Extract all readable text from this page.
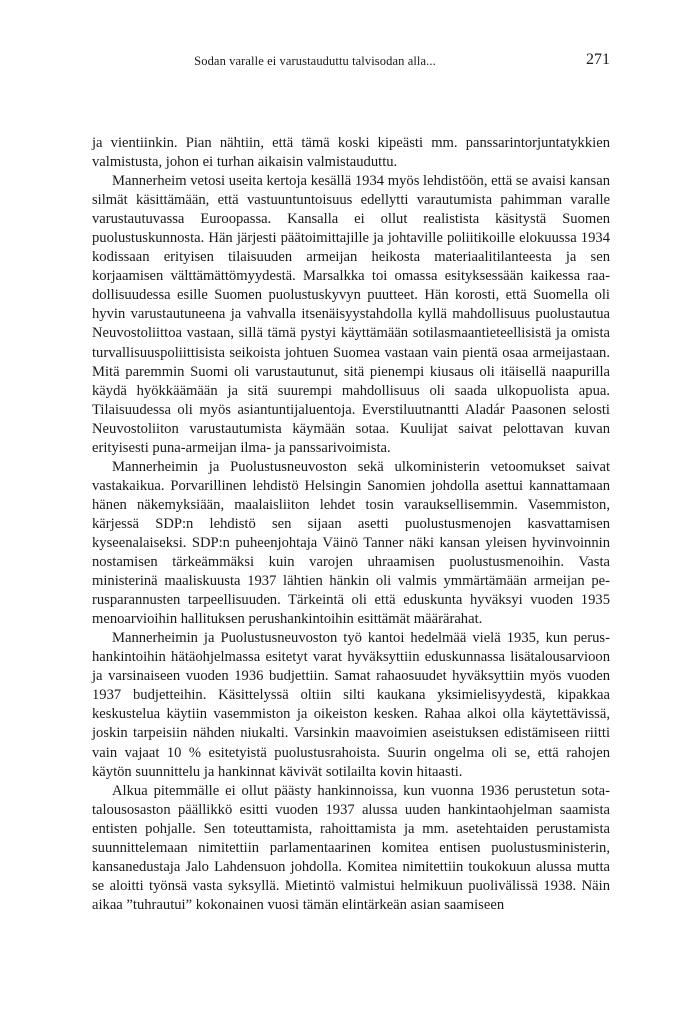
Sodan varalle ei varustauduttu talvisodan alla...	271

ja vientiinkin. Pian nähtiin, että tämä koski kipeästi mm. panssarintorjuntatykkien valmistusta, johon ei turhan aikaisin valmistauduttu.

Mannerheim vetosi useita kertoja kesällä 1934 myös lehdistöön, että se avaisi kansan silmät käsittämään, että vastuuntuntoisuus edellytti varautumista pahimman varalle varustautuvassa Euroopassa. Kansalla ei ollut realistista käsitystä Suomen puolustuskunnosta. Hän järjesti päätoimittajille ja johtaville poliitikoille elokuussa 1934 kodissaan erityisen tilaisuuden armeijan heikosta materiaalitilanteesta ja sen korjaamisen välttämättömyydestä. Marsalkka toi omassa esityksessään kaikessa raadollisuudessa esille Suomen puolustuskyvyn puutteet. Hän korosti, että Suomella oli hyvin varustautuneena ja vahvalla itsenäisyystahdolla kyllä mahdollisuus puolustautua Neuvostoliittoa vastaan, sillä tämä pystyi käyttämään sotilasmaantieteellisistä ja omista turvallisuuspoliittisista seikoista johtuen Suomea vastaan vain pientä osaa armeijastaan. Mitä paremmin Suomi oli varustautunut, sitä pienempi kiusaus oli itäisellä naapurilla käydä hyökkäämään ja sitä suurempi mahdollisuus oli saada ulkopuolista apua. Tilaisuudessa oli myös asiantuntijaluentoja. Everstiluutnantti Aladár Paasonen selosti Neuvostoliiton varustautumista käymään sotaa. Kuulijat saivat pelottavan kuvan erityisesti puna-armeijan ilma- ja panssarivoimista.

Mannerheimin ja Puolustusneuvoston sekä ulkoministerin vetoomukset saivat vastakaikua. Porvarillinen lehdistö Helsingin Sanomien johdolla asettui kannattamaan hänen näkemyksiään, maalaisliiton lehdet tosin varauksellisemmin. Vasemmiston, kärjessä SDP:n lehdistö sen sijaan asetti puolustusmenojen kasvattamisen kyseenalaiseksi. SDP:n puheenjohtaja Väinö Tanner näki kansan yleisen hyvinvoinnin nostamisen tärkeämmäksi kuin varojen uhraamisen puolustusmenoihin. Vasta ministerinä maaliskuusta 1937 lähtien hänkin oli valmis ymmärtämään armeijan perusparannusten tarpeellisuuden. Tärkeintä oli että eduskunta hyväksyi vuoden 1935 menoarvioihin hallituksen perushankintoihin esittämät määrärahat.

Mannerheimin ja Puolustusneuvoston työ kantoi hedelmää vielä 1935, kun perushankintoihin hätäohjelmassa esitetyt varat hyväksyttiin eduskunnassa lisätalousarvioon ja varsinaiseen vuoden 1936 budjettiin. Samat rahaosuudet hyväksyttiin myös vuoden 1937 budjetteihin. Käsittelyssä oltiin silti kaukana yksimielisyydestä, kipakkaa keskustelua käytiin vasemmiston ja oikeiston kesken. Rahaa alkoi olla käytettävissä, joskin tarpeisiin nähden niukalti. Varsinkin maavoimien aseistuksen edistämiseen riitti vain vajaat 10 % esitetyistä puolustusrahoista. Suurin ongelma oli se, että rahojen käytön suunnittelu ja hankinnat kävivät sotilailta kovin hitaasti.

Alkua pitemmälle ei ollut päästy hankinnoissa, kun vuonna 1936 perustetun sotatalousosaston päällikkö esitti vuoden 1937 alussa uuden hankintaohjelman saamista entisten pohjalle. Sen toteuttamista, rahoittamista ja mm. asetehtaiden perustamista suunnittelemaan nimitettiin parlamentaarinen komitea entisen puolustusministerin, kansanedustaja Jalo Lahdensuon johdolla. Komitea nimitettiin toukokuun alussa mutta se aloitti työnsä vasta syksyllä. Mietintö valmistui helmikuun puolivälissä 1938. Näin aikaa ”tuhrautui” kokonainen vuosi tämän elintärkeän asian saamiseen
